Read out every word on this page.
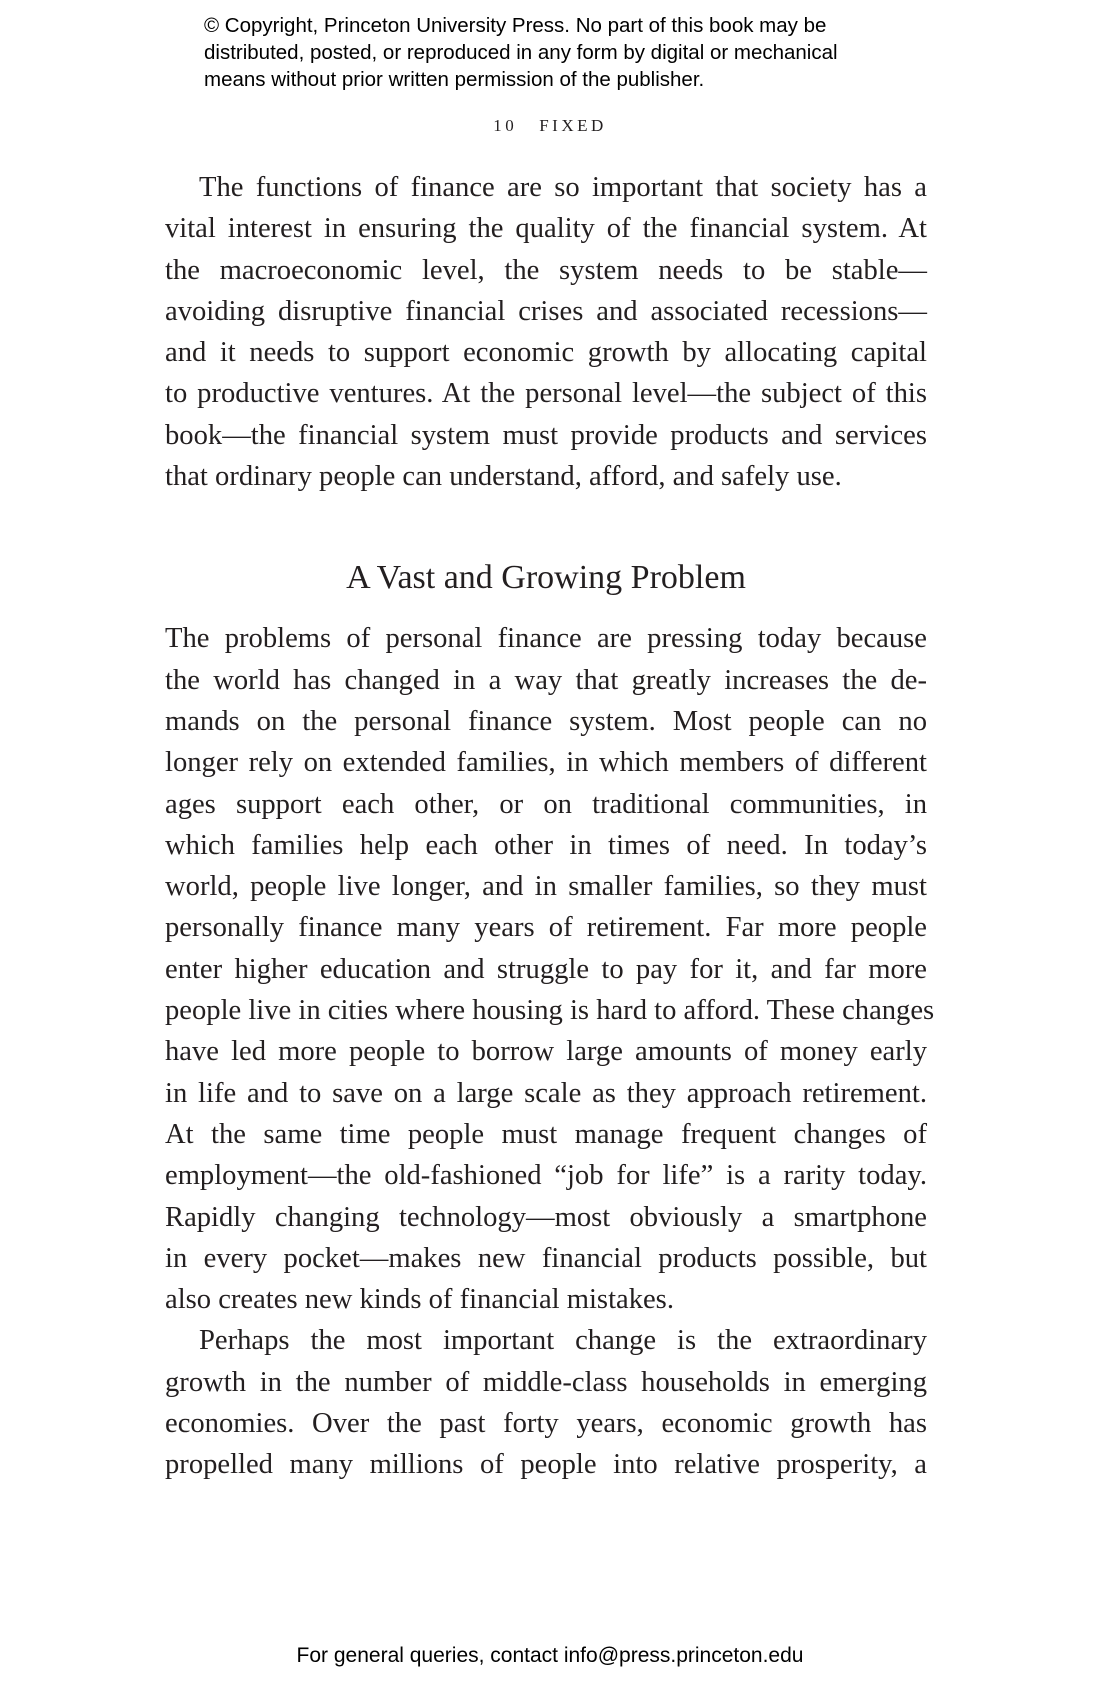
© Copyright, Princeton University Press. No part of this book may be
distributed, posted, or reproduced in any form by digital or mechanical
means without prior written permission of the publisher.
10 FIXED
The functions of finance are so important that society has a
vital interest in ensuring the quality of the financial system. At
the macroeconomic level, the system needs to be stable—
avoiding disruptive financial crises and associated recessions—
and it needs to support economic growth by allocating capital
to productive ventures. At the personal level—the subject of this
book—the financial system must provide products and services
that ordinary people can understand, afford, and safely use.
A Vast and Growing Problem
The problems of personal finance are pressing today because
the world has changed in a way that greatly increases the de-
mands on the personal finance system. Most people can no
longer rely on extended families, in which members of different
ages support each other, or on traditional communities, in
which families help each other in times of need. In today’s
world, people live longer, and in smaller families, so they must
personally finance many years of retirement. Far more people
enter higher education and struggle to pay for it, and far more
people live in cities where housing is hard to afford. These changes
have led more people to borrow large amounts of money early
in life and to save on a large scale as they approach retirement.
At the same time people must manage frequent changes of
employment—the old-fashioned “job for life” is a rarity today.
Rapidly changing technology—most obviously a smartphone
in every pocket—makes new financial products possible, but
also creates new kinds of financial mistakes.
Perhaps the most important change is the extraordinary
growth in the number of middle-class households in emerging
economies. Over the past forty years, economic growth has
propelled many millions of people into relative prosperity, a
For general queries, contact info@press.princeton.edu
